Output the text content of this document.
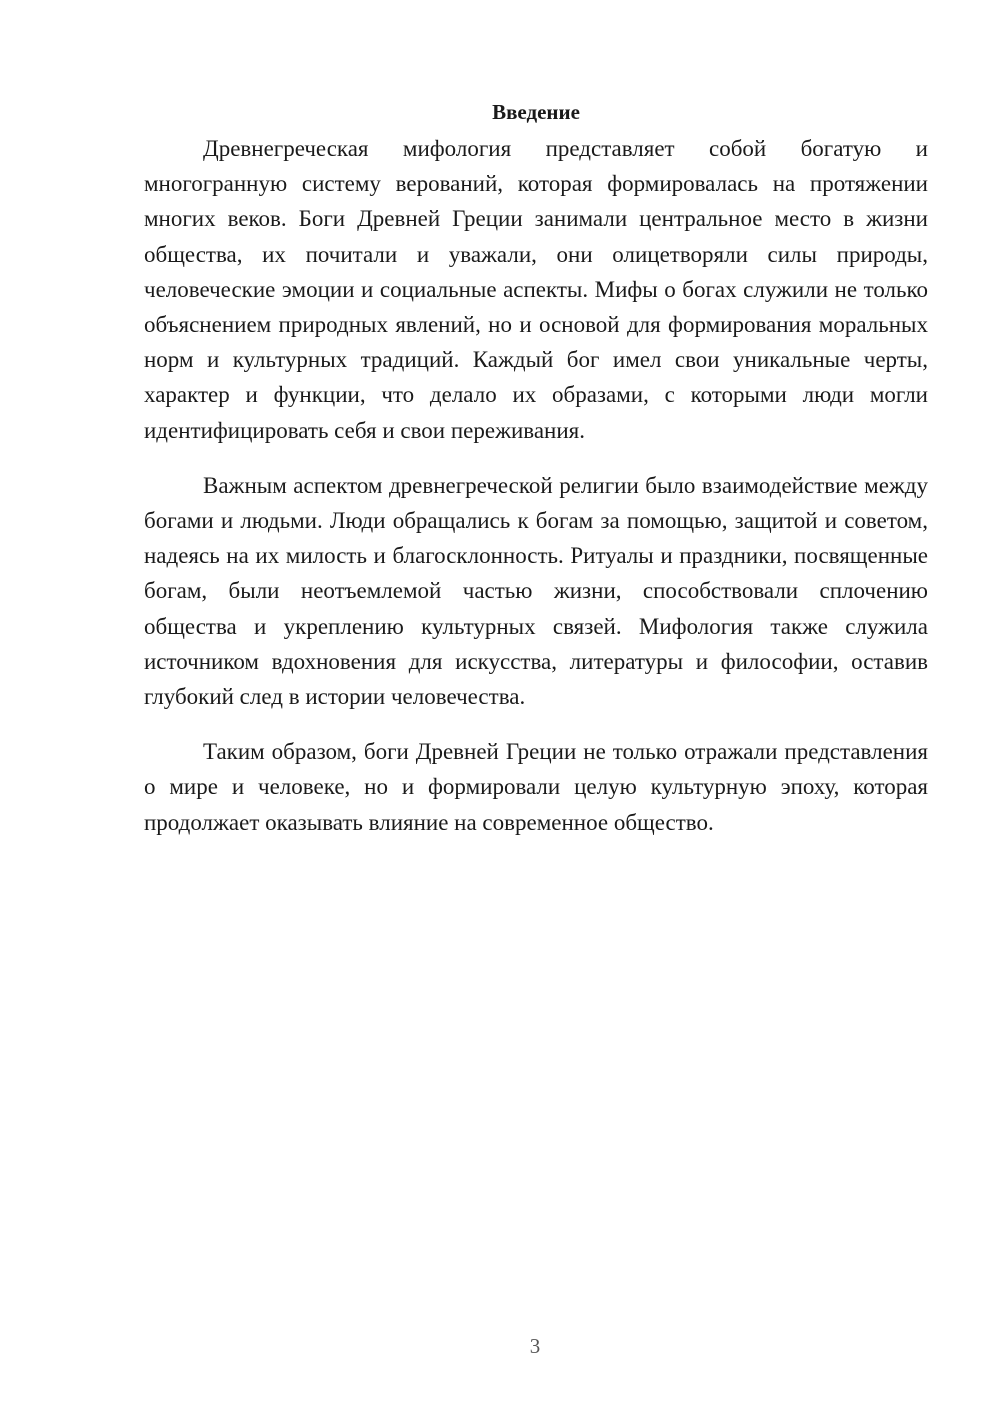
Введение

Древнегреческая мифология представляет собой богатую и многогранную систему верований, которая формировалась на протяжении многих веков. Боги Древней Греции занимали центральное место в жизни общества, их почитали и уважали, они олицетворяли силы природы, человеческие эмоции и социальные аспекты. Мифы о богах служили не только объяснением природных явлений, но и основой для формирования моральных норм и культурных традиций. Каждый бог имел свои уникальные черты, характер и функции, что делало их образами, с которыми люди могли идентифицировать себя и свои переживания.

Важным аспектом древнегреческой религии было взаимодействие между богами и людьми. Люди обращались к богам за помощью, защитой и советом, надеясь на их милость и благосклонность. Ритуалы и праздники, посвященные богам, были неотъемлемой частью жизни, способствовали сплочению общества и укреплению культурных связей. Мифология также служила источником вдохновения для искусства, литературы и философии, оставив глубокий след в истории человечества.

Таким образом, боги Древней Греции не только отражали представления о мире и человеке, но и формировали целую культурную эпоху, которая продолжает оказывать влияние на современное общество.

3
